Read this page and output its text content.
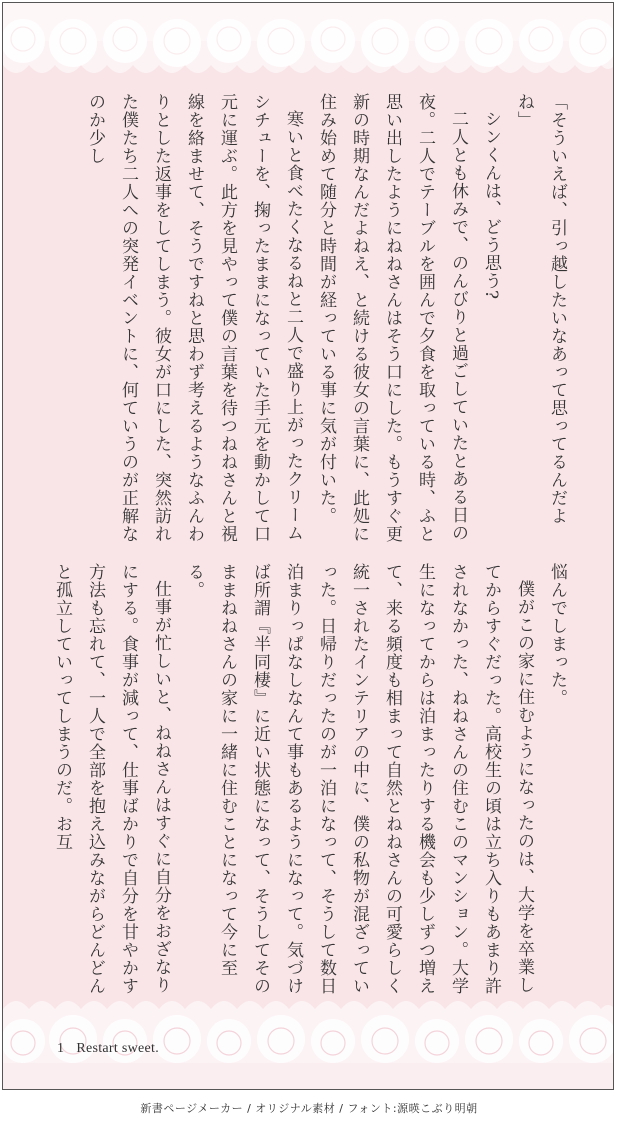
「そういえば、引っ越したいなあって思ってるんだよね」

シンくんは、どう思う?

二人とも休みで、のんびりと過ごしていたとある日の夜。二人でテーブルを囲んで夕食を取っている時、ふと思い出したようにねねさんはそう口にした。もうすぐ更新の時期なんだよねえ、と続ける彼女の言葉に、此処に住み始めて随分と時間が経っている事に気が付いた。

寒いと食べたくなるねと二人で盛り上がったクリームシチューを、掬ったままになっていた手元を動かして口元に運ぶ。此方を見やって僕の言葉を待つねねさんと視線を絡ませて、そうですねと思わず考えるようなふんわりとした返事をしてしまう。彼女が口にした、突然訪れた僕たち二人への突発イベントに、何ていうのが正解なのか少し

悩んでしまった。

僕がこの家に住むようになったのは、大学を卒業してからすぐだった。高校生の頃は立ち入りもあまり許されなかった、ねねさんの住むこのマンション。大学生になってからは泊まったりする機会も少しずつ増えて、来る頻度も相まって自然とねねさんの可愛らしく統一されたインテリアの中に、僕の私物が混ざっていった。日帰りだったのが一泊になって、そうして数日泊まりっぱなしなんて事もあるようになって。気づけば所謂『半同棲』に近い状態になって、そうしてそのままねねさんの家に一緒に住むことになって今に至る。

仕事が忙しいと、ねねさんはすぐに自分をおざなりにする。食事が減って、仕事ばかりで自分を甘やかす方法も忘れて、一人で全部を抱え込みながらどんどんと孤立していってしまうのだ。お互

1 Restart sweet.
新書ページメーカー / オリジナル素材 / フォント:源暎こぶり明朝
